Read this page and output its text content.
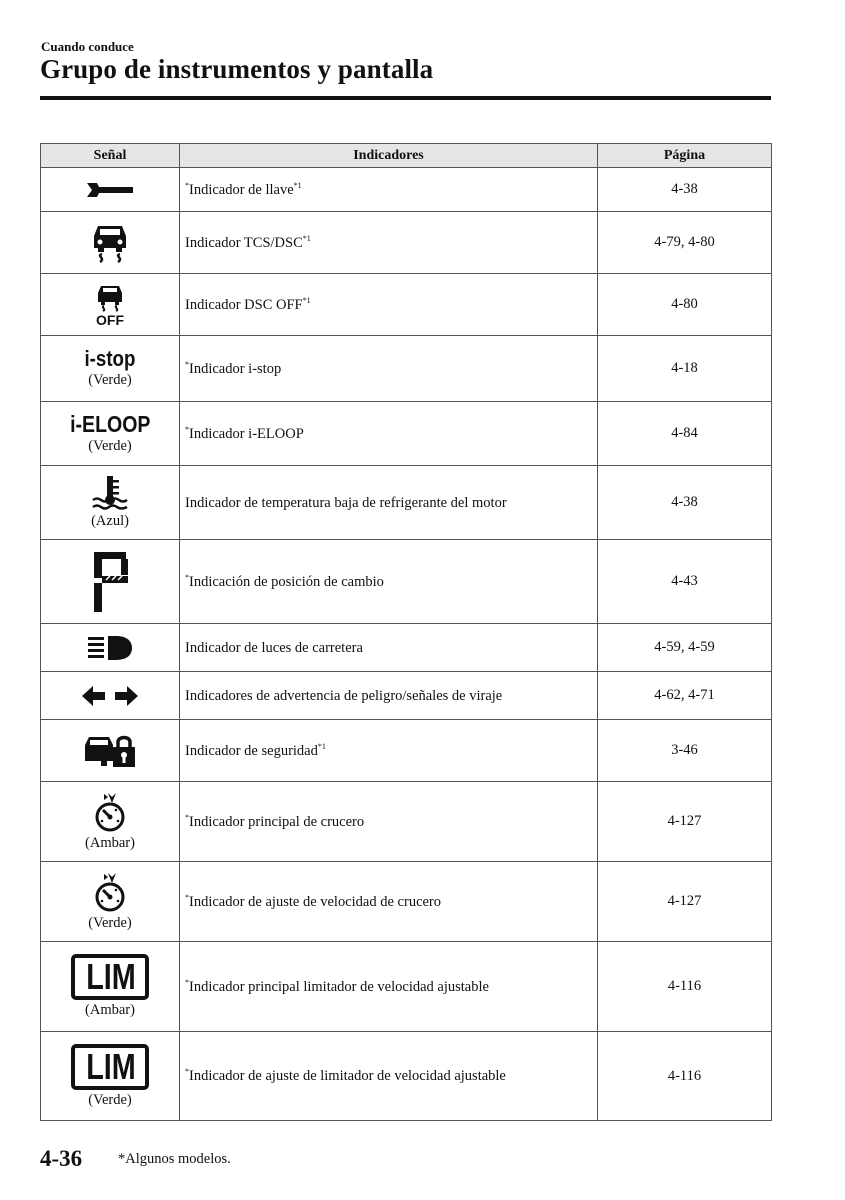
Cuando conduce
Grupo de instrumentos y pantalla
Señal	Indicadores	Página

	*Indicador de llave$^{*1}$	4-38

	Indicador TCS/DSC$^{*1}$	4-79, 4-80

OFF	Indicador DSC OFF$^{*1}$	4-80

i-stop
(Verde)	*Indicador i-stop	4-18

i-ELOOP
(Verde)	*Indicador i-ELOOP	4-84

(Azul)	Indicador de temperatura baja de refrigerante del motor	4-38

	*Indicación de posición de cambio	4-43

	Indicador de luces de carretera	4-59, 4-59

	Indicadores de advertencia de peligro/señales de viraje	4-62, 4-71

	Indicador de seguridad$^{*1}$	3-46

(Ambar)	*Indicador principal de crucero	4-127

(Verde)	*Indicador de ajuste de velocidad de crucero	4-127

LIM
(Ambar)	*Indicador principal limitador de velocidad ajustable	4-116

LIM
(Verde)	*Indicador de ajuste de limitador de velocidad ajustable	4-116
4-36 *Algunos modelos.
